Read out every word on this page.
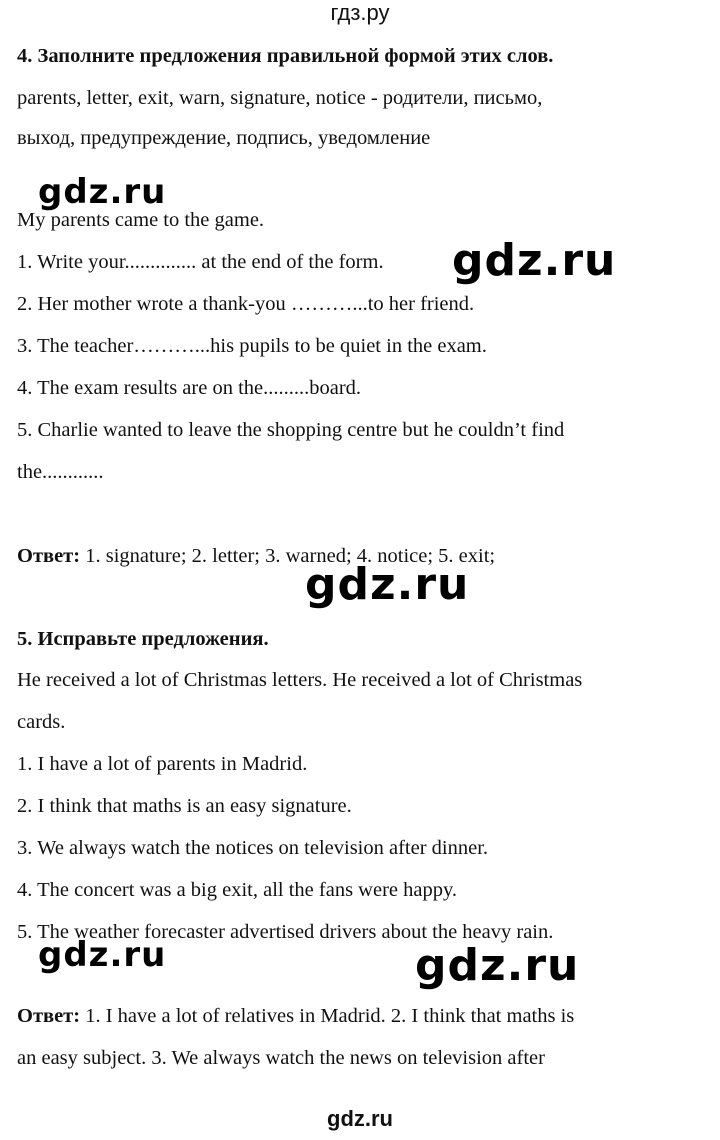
гдз.ру

4. Заполните предложения правильной формой этих слов.

parents, letter, exit, warn, signature, notice - родители, письмо,

выход, предупреждение, подпись, уведомление

My parents came to the game.

1. Write your.............. at the end of the form.

2. Her mother wrote a thank-you ………...to her friend.

3. The teacher………...his pupils to be quiet in the exam.

4. The exam results are on the.........board.

5. Charlie wanted to leave the shopping centre but he couldn’t find

the............

Ответ: 1. signature; 2. letter; 3. warned; 4. notice; 5. exit;

5. Исправьте предложения.

He received a lot of Christmas letters. He received a lot of Christmas

cards.

1. I have a lot of parents in Madrid.

2. I think that maths is an easy signature.

3. We always watch the notices on television after dinner.

4. The concert was a big exit, all the fans were happy.

5. The weather forecaster advertised drivers about the heavy rain.

Ответ: 1. I have a lot of relatives in Madrid. 2. I think that maths is

an easy subject. 3. We always watch the news on television after

gdz.ru
gdz.ru
gdz.ru
gdz.ru	gdz.ru
gdz.ru
